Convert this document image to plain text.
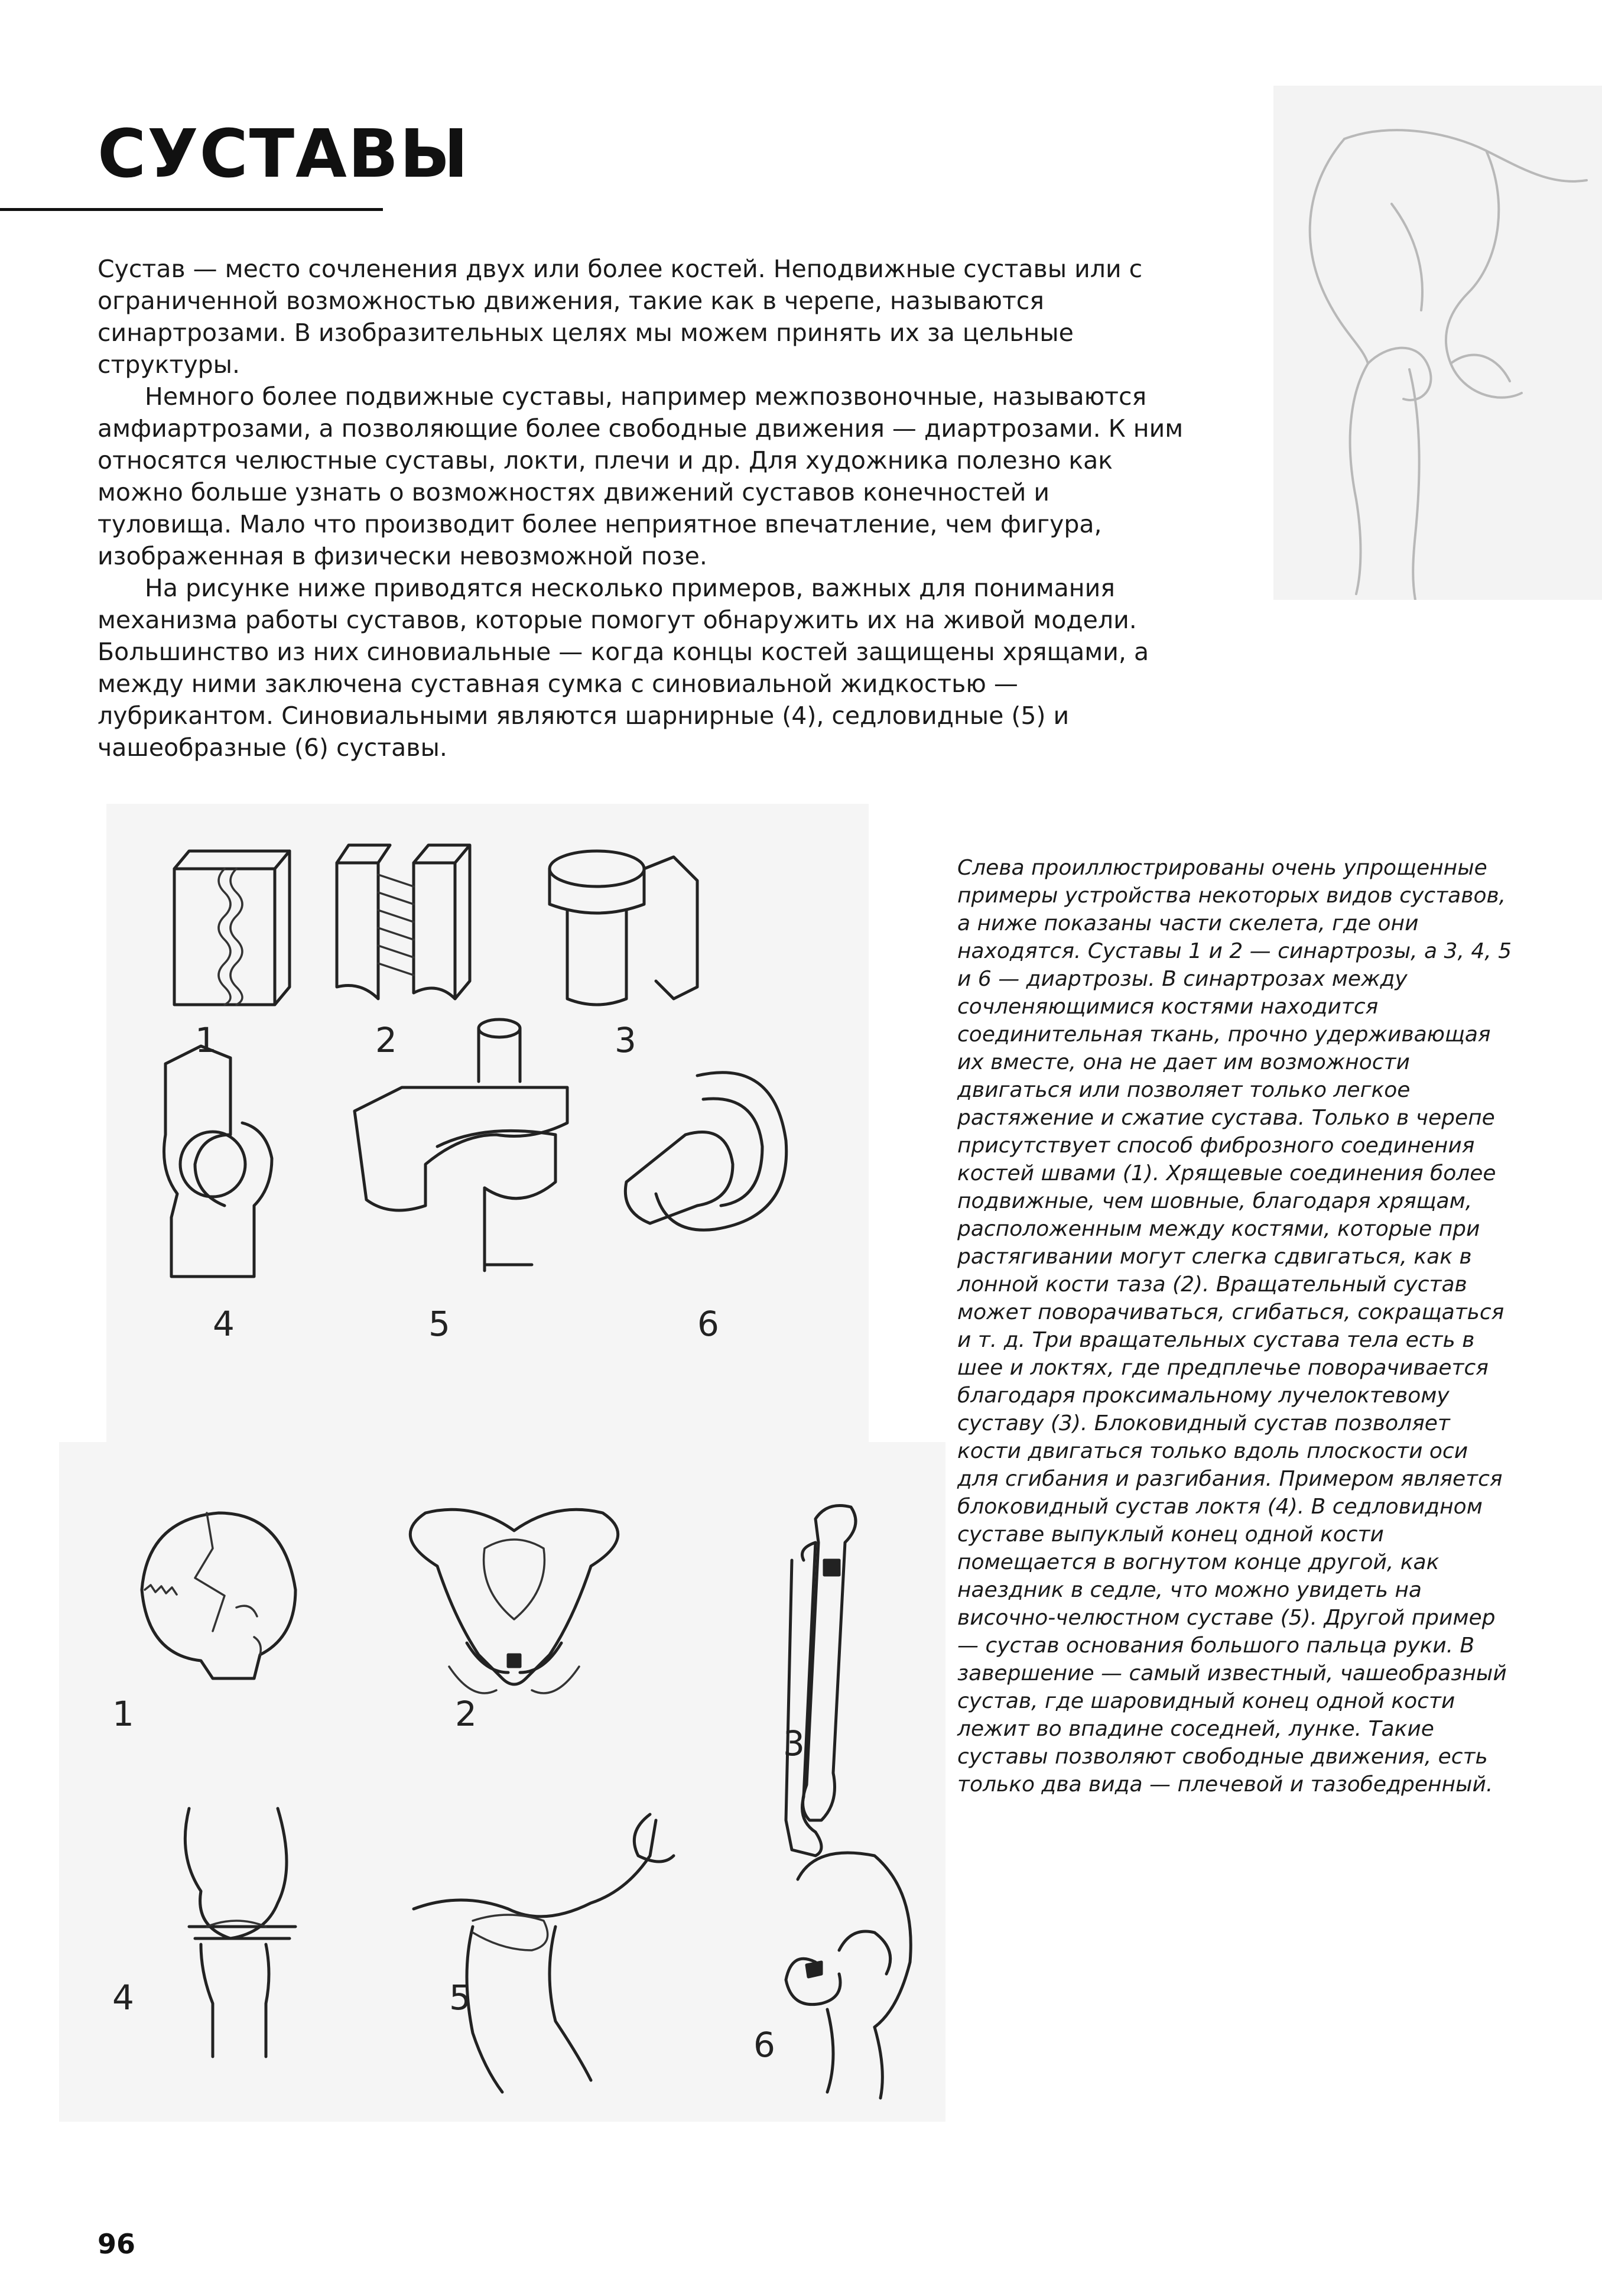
СУСТАВЫ

Сустав — место сочленения двух или более костей. Неподвижные суставы или с ограниченной возможностью движения, такие как в черепе, называются синартрозами. В изобразительных целях мы можем принять их за цельные структуры.

Немного более подвижные суставы, например межпозвоночные, называются амфиартрозами, а позволяющие более свободные движения — диартрозами. К ним относятся челюстные суставы, локти, плечи и др. Для художника полезно как можно больше узнать о возможностях движений суставов конечностей и туловища. Мало что производит более неприятное впечатление, чем фигура, изображенная в физически невозможной позе.

На рисунке ниже приводятся несколько примеров, важных для понимания механизма работы суставов, которые помогут обнаружить их на живой модели. Большинство из них синовиальные — когда концы костей защищены хрящами, а между ними заключена суставная сумка с синовиальной жидкостью — лубрикантом. Синовиальными являются шарнирные (4), седловидные (5) и чашеобразные (6) суставы.

1	2	3
4	5	6
1	2
3
4	5
6

Слева проиллюстрированы очень упрощенные примеры устройства некоторых видов суставов, а ниже показаны части скелета, где они находятся. Суставы 1 и 2 — синартрозы, а 3, 4, 5 и 6 — диартрозы. В синартрозах между сочленяющимися костями находится соединительная ткань, прочно удерживающая их вместе, она не дает им возможности двигаться или позволяет только легкое растяжение и сжатие сустава. Только в черепе присутствует способ фиброзного соединения костей швами (1). Хрящевые соединения более подвижные, чем шовные, благодаря хрящам, расположенным между костями, которые при растягивании могут слегка сдвигаться, как в лонной кости таза (2). Вращательный сустав может поворачиваться, сгибаться, сокращаться и т. д. Три вращательных сустава тела есть в шее и локтях, где предплечье поворачивается благодаря проксимальному лучелоктевому суставу (3). Блоковидный сустав позволяет кости двигаться только вдоль плоскости оси для сгибания и разгибания. Примером является блоковидный сустав локтя (4). В седловидном суставе выпуклый конец одной кости помещается в вогнутом конце другой, как наездник в седле, что можно увидеть на височно-челюстном суставе (5). Другой пример — сустав основания большого пальца руки. В завершение — самый известный, чашеобразный сустав, где шаровидный конец одной кости лежит во впадине соседней, лунке. Такие суставы позволяют свободные движения, есть только два вида — плечевой и тазобедренный.

96
